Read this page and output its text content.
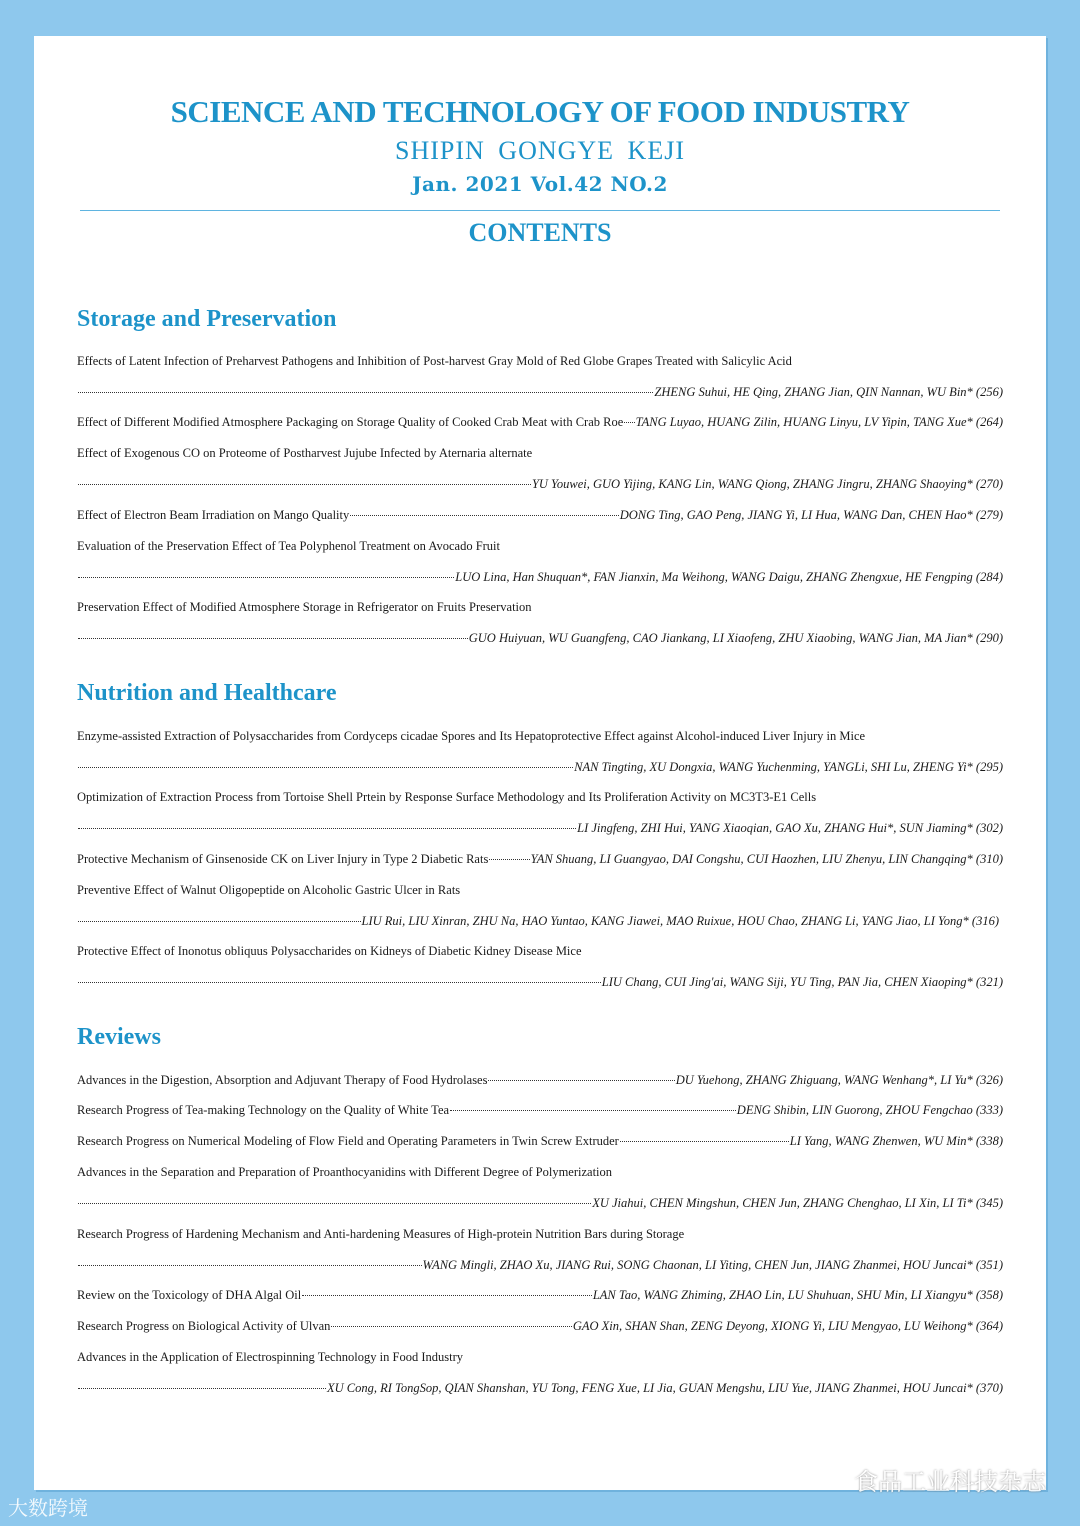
SCIENCE AND TECHNOLOGY OF FOOD INDUSTRY
SHIPIN GONGYE KEJI
Jan. 2021 Vol.42 NO.2
CONTENTS
Storage and Preservation
Effects of Latent Infection of Preharvest Pathogens and Inhibition of Post-harvest Gray Mold of Red Globe Grapes Treated with Salicylic Acid
ZHENG Suhui, HE Qing, ZHANG Jian, QIN Nannan, WU Bin* (256)
Effect of Different Modified Atmosphere Packaging on Storage Quality of Cooked Crab Meat with Crab Roe TANG Luyao, HUANG Zilin, HUANG Linyu, LV Yipin, TANG Xue* (264)
Effect of Exogenous CO on Proteome of Postharvest Jujube Infected by Aternaria alternate
YU Youwei, GUO Yijing, KANG Lin, WANG Qiong, ZHANG Jingru, ZHANG Shaoying* (270)
Effect of Electron Beam Irradiation on Mango Quality	DONG Ting, GAO Peng, JIANG Yi, LI Hua, WANG Dan, CHEN Hao* (279)
Evaluation of the Preservation Effect of Tea Polyphenol Treatment on Avocado Fruit
LUO Lina, Han Shuquan*, FAN Jianxin, Ma Weihong, WANG Daigu, ZHANG Zhengxue, HE Fengping (284)
Preservation Effect of Modified Atmosphere Storage in Refrigerator on Fruits Preservation
GUO Huiyuan, WU Guangfeng, CAO Jiankang, LI Xiaofeng, ZHU Xiaobing, WANG Jian, MA Jian* (290)
Nutrition and Healthcare
Enzyme-assisted Extraction of Polysaccharides from Cordyceps cicadae Spores and Its Hepatoprotective Effect against Alcohol-induced Liver Injury in Mice
NAN Tingting, XU Dongxia, WANG Yuchenming, YANGLi, SHI Lu, ZHENG Yi* (295)
Optimization of Extraction Process from Tortoise Shell Prtein by Response Surface Methodology and Its Proliferation Activity on MC3T3-E1 Cells
LI Jingfeng, ZHI Hui, YANG Xiaoqian, GAO Xu, ZHANG Hui*, SUN Jiaming* (302)
Protective Mechanism of Ginsenoside CK on Liver Injury in Type 2 Diabetic Rats	YAN Shuang, LI Guangyao, DAI Congshu, CUI Haozhen, LIU Zhenyu, LIN Changqing* (310)
Preventive Effect of Walnut Oligopeptide on Alcoholic Gastric Ulcer in Rats
LIU Rui, LIU Xinran, ZHU Na, HAO Yuntao, KANG Jiawei, MAO Ruixue, HOU Chao, ZHANG Li, YANG Jiao, LI Yong* (316)
Protective Effect of Inonotus obliquus Polysaccharides on Kidneys of Diabetic Kidney Disease Mice
LIU Chang, CUI Jing'ai, WANG Siji, YU Ting, PAN Jia, CHEN Xiaoping* (321)
Reviews
Advances in the Digestion, Absorption and Adjuvant Therapy of Food Hydrolases	DU Yuehong, ZHANG Zhiguang, WANG Wenhang*, LI Yu* (326)
Research Progress of Tea-making Technology on the Quality of White Tea	DENG Shibin, LIN Guorong, ZHOU Fengchao (333)
Research Progress on Numerical Modeling of Flow Field and Operating Parameters in Twin Screw Extruder	LI Yang, WANG Zhenwen, WU Min* (338)
Advances in the Separation and Preparation of Proanthocyanidins with Different Degree of Polymerization
XU Jiahui, CHEN Mingshun, CHEN Jun, ZHANG Chenghao, LI Xin, LI Ti* (345)
Research Progress of Hardening Mechanism and Anti-hardening Measures of High-protein Nutrition Bars during Storage
WANG Mingli, ZHAO Xu, JIANG Rui, SONG Chaonan, LI Yiting, CHEN Jun, JIANG Zhanmei, HOU Juncai* (351)
Review on the Toxicology of DHA Algal Oil	LAN Tao, WANG Zhiming, ZHAO Lin, LU Shuhuan, SHU Min, LI Xiangyu* (358)
Research Progress on Biological Activity of Ulvan	GAO Xin, SHAN Shan, ZENG Deyong, XIONG Yi, LIU Mengyao, LU Weihong* (364)
Advances in the Application of Electrospinning Technology in Food Industry
XU Cong, RI TongSop, QIAN Shanshan, YU Tong, FENG Xue, LI Jia, GUAN Mengshu, LIU Yue, JIANG Zhanmei, HOU Juncai* (370)
食品工业科技杂志
大数跨境
